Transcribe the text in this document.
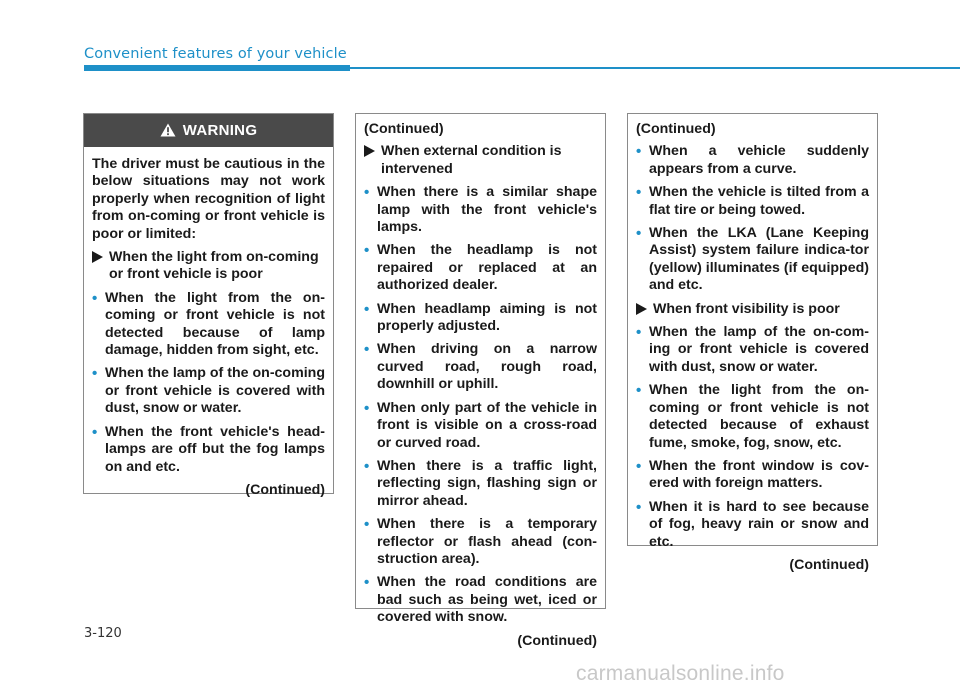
Convenient features of your vehicle
WARNING

The driver must be cautious in the below situations may not work properly when recognition of light from on-coming or front vehicle is poor or limited:

When the light from on-coming or front vehicle is poor
• When the light from the on-coming or front vehicle is not detected because of lamp damage, hidden from sight, etc.
• When the lamp of the on-coming or front vehicle is covered with dust, snow or water.
• When the front vehicle's head-lamps are off but the fog lamps on and etc.
(Continued)
(Continued)
When external condition is intervened
• When there is a similar shape lamp with the front vehicle's lamps.
• When the headlamp is not repaired or replaced at an authorized dealer.
• When headlamp aiming is not properly adjusted.
• When driving on a narrow curved road, rough road, downhill or uphill.
• When only part of the vehicle in front is visible on a cross-road or curved road.
• When there is a traffic light, reflecting sign, flashing sign or mirror ahead.
• When there is a temporary reflector or flash ahead (con-struction area).
• When the road conditions are bad such as being wet, iced or covered with snow.
(Continued)
(Continued)
• When a vehicle suddenly appears from a curve.
• When the vehicle is tilted from a flat tire or being towed.
• When the LKA (Lane Keeping Assist) system failure indica-tor (yellow) illuminates (if equipped) and etc.
When front visibility is poor
• When the lamp of the on-com-ing or front vehicle is covered with dust, snow or water.
• When the light from the on-coming or front vehicle is not detected because of exhaust fume, smoke, fog, snow, etc.
• When the front window is cov-ered with foreign matters.
• When it is hard to see because of fog, heavy rain or snow and etc.
(Continued)
3-120
carmanualsonline.info
